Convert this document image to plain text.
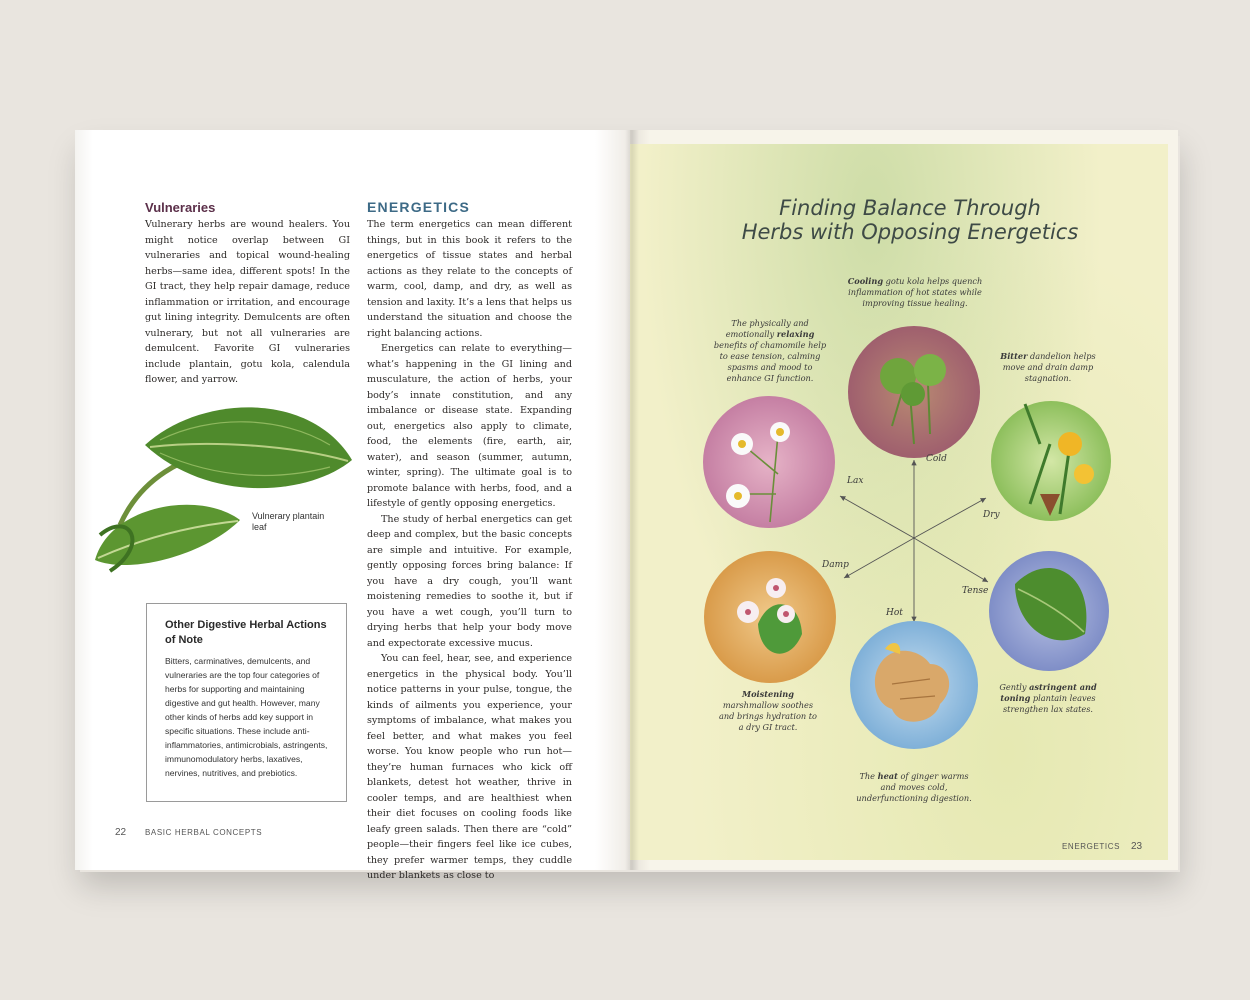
Vulneraries

Vulnerary herbs are wound healers. You might notice overlap between GI vulneraries and topical wound-healing herbs—same idea, different spots! In the GI tract, they help repair damage, reduce inflammation or irritation, and encourage gut lining integrity. Demulcents are often vulnerary, but not all vulneraries are demulcent. Favorite GI vulneraries include plantain, gotu kola, calendula flower, and yarrow.

Vulnerary plantain leaf

Other Digestive Herbal Actions of Note

Bitters, carminatives, demulcents, and vulneraries are the top four categories of herbs for supporting and maintaining digestive and gut health. However, many other kinds of herbs add key support in specific situations. These include anti-inflammatories, antimicrobials, astringents, immunomodulatory herbs, laxatives, nervines, nutritives, and prebiotics.

ENERGETICS

The term energetics can mean different things, but in this book it refers to the energetics of tissue states and herbal actions as they relate to the concepts of warm, cool, damp, and dry, as well as tension and laxity. It’s a lens that helps us understand the situation and choose the right balancing actions.

Energetics can relate to everything—what’s happening in the GI lining and musculature, the action of herbs, your body’s innate constitution, and any imbalance or disease state. Expanding out, energetics also apply to climate, food, the elements (fire, earth, air, water), and season (summer, autumn, winter, spring). The ultimate goal is to promote balance with herbs, food, and a lifestyle of gently opposing energetics.

The study of herbal energetics can get deep and complex, but the basic concepts are simple and intuitive. For example, gently opposing forces bring balance: If you have a dry cough, you’ll want moistening remedies to soothe it, but if you have a wet cough, you’ll turn to drying herbs that help your body move and expectorate excessive mucus.

You can feel, hear, see, and experience energetics in the physical body. You’ll notice patterns in your pulse, tongue, the kinds of ailments you experience, your symptoms of imbalance, what makes you feel better, and what makes you feel worse. You know people who run hot—they’re human furnaces who kick off blankets, detest hot weather, thrive in cooler temps, and are healthiest when their diet focuses on cooling foods like leafy green salads. Then there are “cold” people—their fingers feel like ice cubes, they prefer warmer temps, they cuddle under blankets as close to

22 BASIC HERBAL CONCEPTS
Finding Balance Through
Herbs with Opposing Energetics
Cold
Lax
Dry
Damp
Tense
Hot

Cooling gotu kola helps quench inflammation of hot states while improving tissue healing.

The physically and emotionally relaxing benefits of chamomile help to ease tension, calming spasms and mood to enhance GI function.

Bitter dandelion helps move and drain damp stagnation.

Moistening marshmallow soothes and brings hydration to a dry GI tract.

Gently astringent and toning plantain leaves strengthen lax states.

The heat of ginger warms and moves cold, underfunctioning digestion.

ENERGETICS 23
